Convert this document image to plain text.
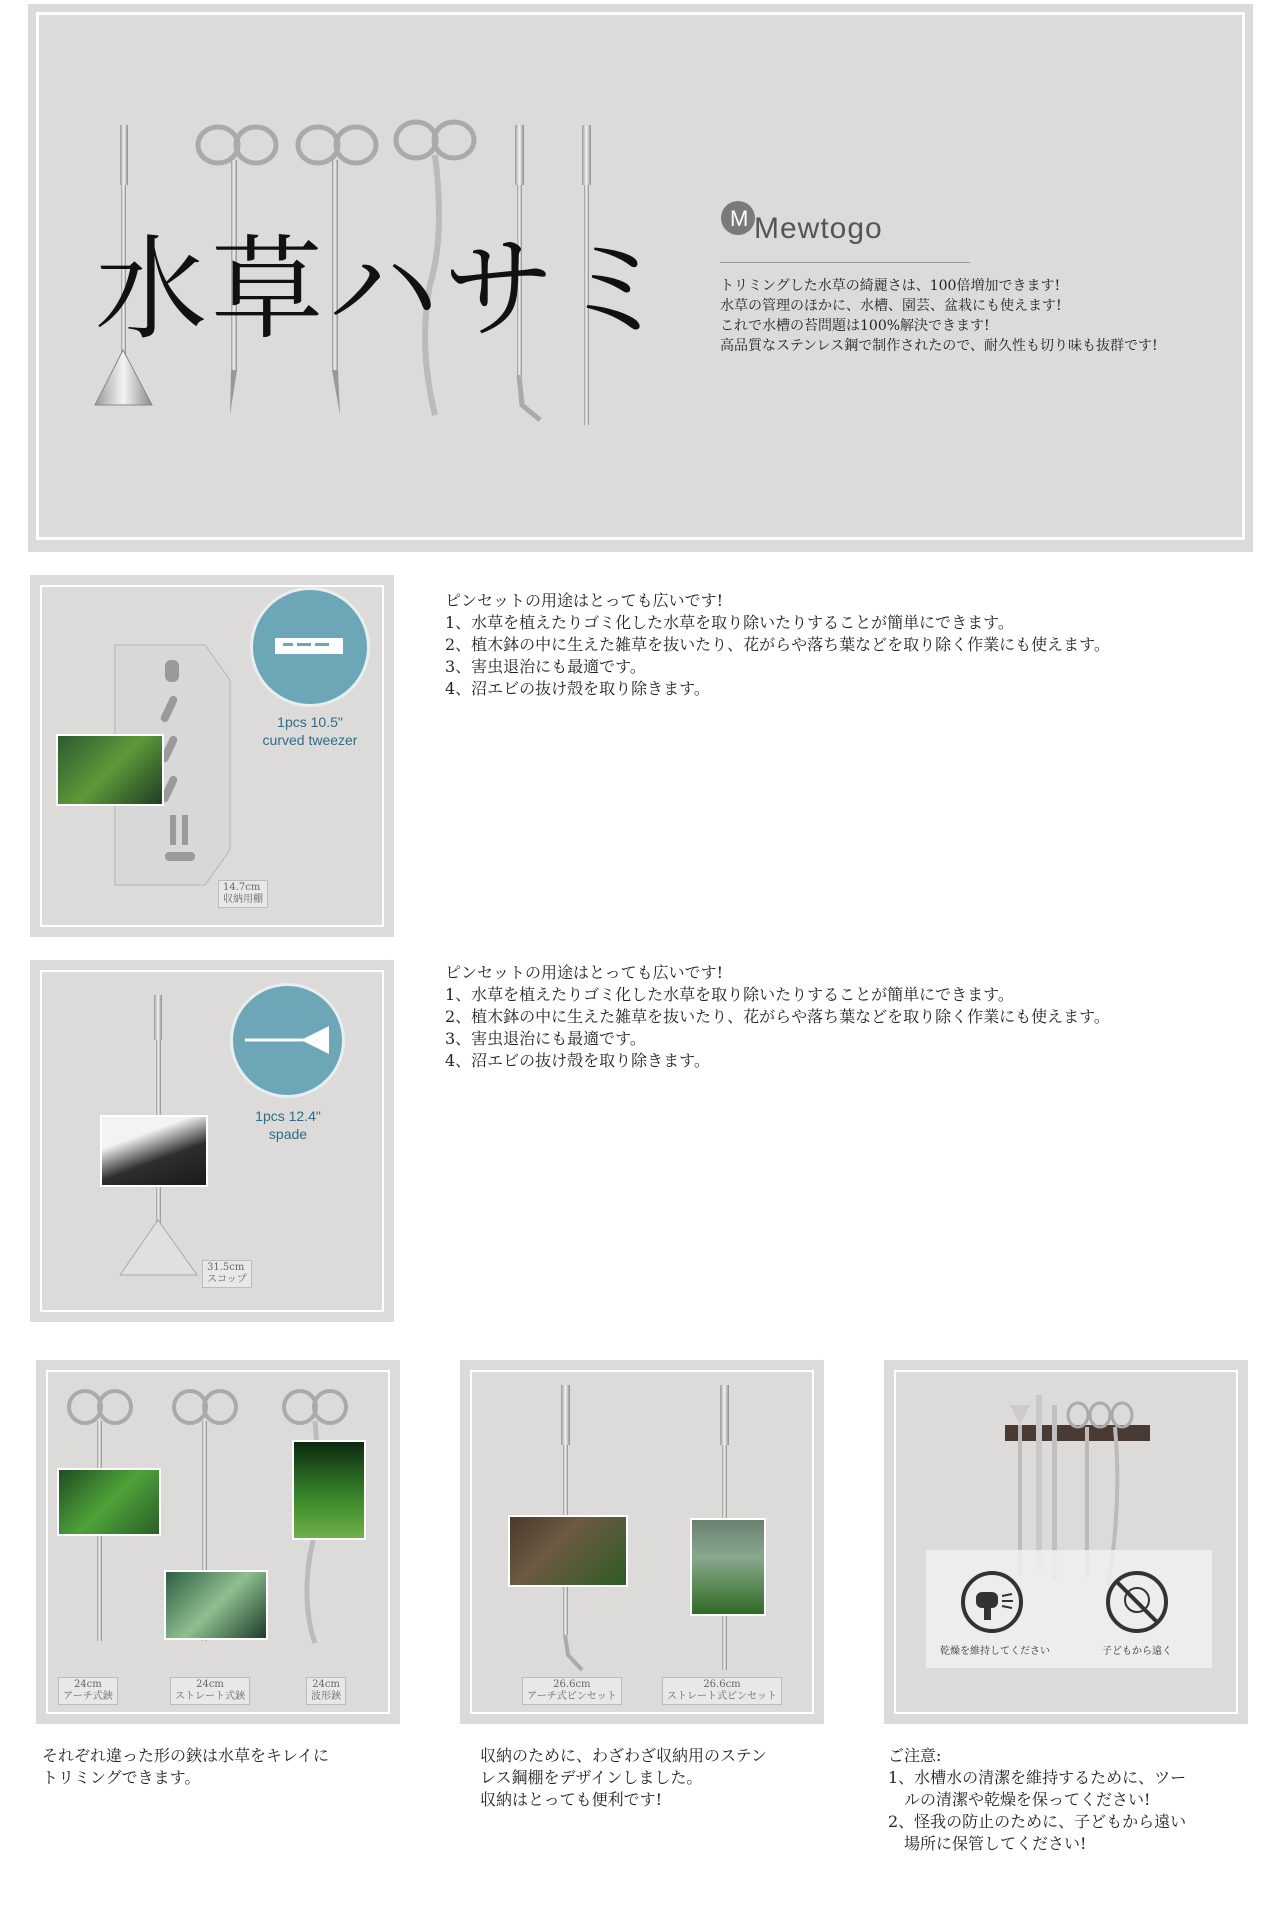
水草ハサミ
M Mewtogo
トリミングした水草の綺麗さは、100倍増加できます!
水草の管理のほかに、水槽、園芸、盆栽にも使えます!
これで水槽の苔問題は100%解決できます!
高品質なステンレス鋼で制作されたので、耐久性も切り味も抜群です!
1pcs 10.5"
curved tweezer
14.7cm
収納用棚
ピンセットの用途はとっても広いです!
1、水草を植えたりゴミ化した水草を取り除いたりすることが簡単にできます。
2、植木鉢の中に生えた雑草を抜いたり、花がらや落ち葉などを取り除く作業にも使えます。
3、害虫退治にも最適です。
4、沼エビの抜け殻を取り除きます。
1pcs 12.4"
spade
31.5cm
スコップ
ピンセットの用途はとっても広いです!
1、水草を植えたりゴミ化した水草を取り除いたりすることが簡単にできます。
2、植木鉢の中に生えた雑草を抜いたり、花がらや落ち葉などを取り除く作業にも使えます。
3、害虫退治にも最適です。
4、沼エビの抜け殻を取り除きます。
24cm
アーチ式鋏
24cm
ストレート式鋏
24cm
波形鋏
それぞれ違った形の鋏は水草をキレイに
トリミングできます。
26.6cm
アーチ式ピンセット
26.6cm
ストレート式ピンセット
収納のために、わざわざ収納用のステン
レス鋼棚をデザインしました。
収納はとっても便利です!
乾燥を維持してください	子どもから遠く
ご注意:
1、水槽水の清潔を維持するために、ツー
　ルの清潔や乾燥を保ってください!
2、怪我の防止のために、子どもから遠い
　場所に保管してください!
